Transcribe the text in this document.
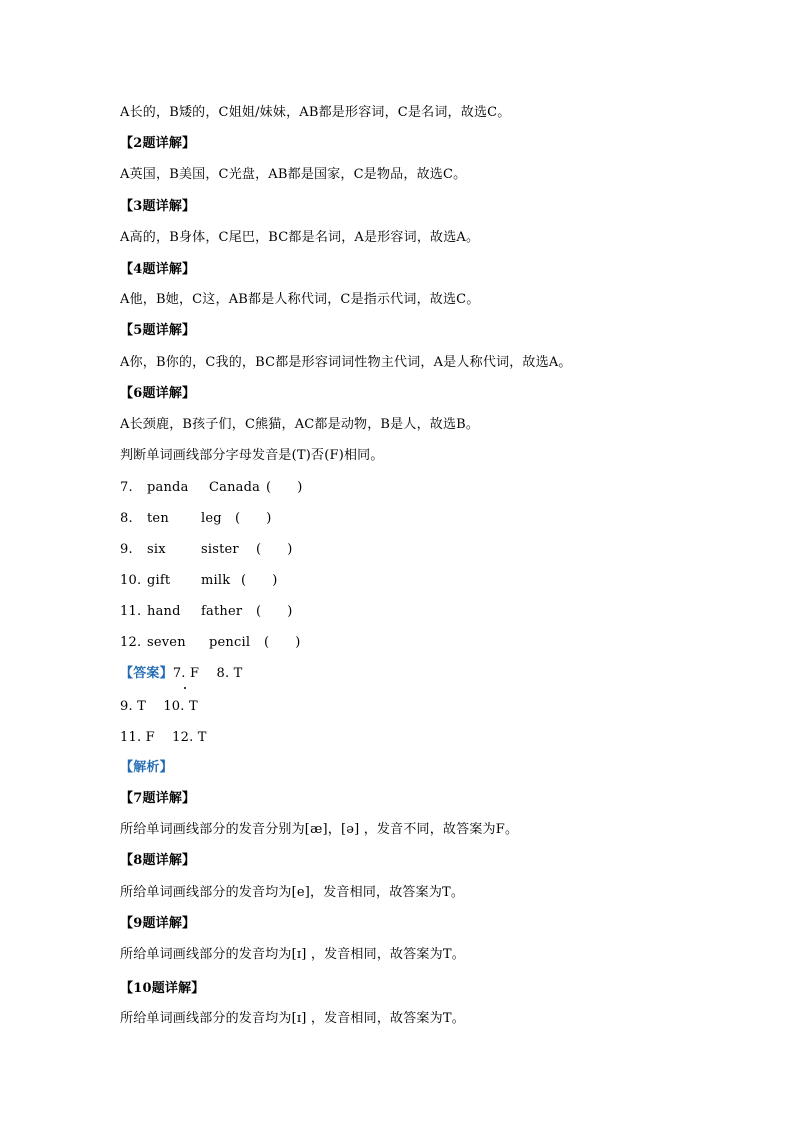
A长的，B矮的，C姐姐/妹妹，AB都是形容词，C是名词，故选C。
【2题详解】
A英国，B美国，C光盘，AB都是国家，C是物品，故选C。
【3题详解】
A高的，B身体，C尾巴，BC都是名词，A是形容词，故选A。
【4题详解】
A他，B她，C这，AB都是人称代词，C是指示代词，故选C。
【5题详解】
A你，B你的，C我的，BC都是形容词词性物主代词，A是人称代词，故选A。
【6题详解】
A长颈鹿，B孩子们，C熊猫，AC都是动物，B是人，故选B。
判断单词画线部分字母发音是(T)否(F)相同。
7. panda Canada (      )
8. ten leg (      )
9. six	sister (      )
10. gift milk (      )
11. hand father (      )
12. seven pencil (      )
【答案】7. F    8. T
9. T    10. T
11. F    12. T
【解析】
【7题详解】
所给单词画线部分的发音分别为[æ]，[ə] ，发音不同，故答案为F。
【8题详解】
所给单词画线部分的发音均为[e]，发音相同，故答案为T。
【9题详解】
所给单词画线部分的发音均为[ɪ] ，发音相同，故答案为T。
【10题详解】
所给单词画线部分的发音均为[ɪ] ，发音相同，故答案为T。
